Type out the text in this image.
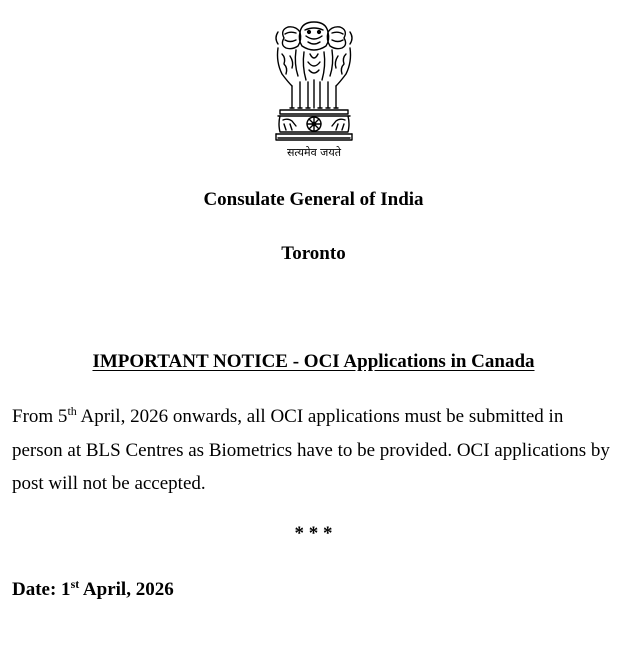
सत्यमेव जयते
Consulate General of India
Toronto
IMPORTANT NOTICE - OCI Applications in Canada
From 5th April, 2026 onwards, all OCI applications must be submitted in person at BLS Centres as Biometrics have to be provided. OCI applications by post will not be accepted.
* * *
Date: 1st April, 2026
